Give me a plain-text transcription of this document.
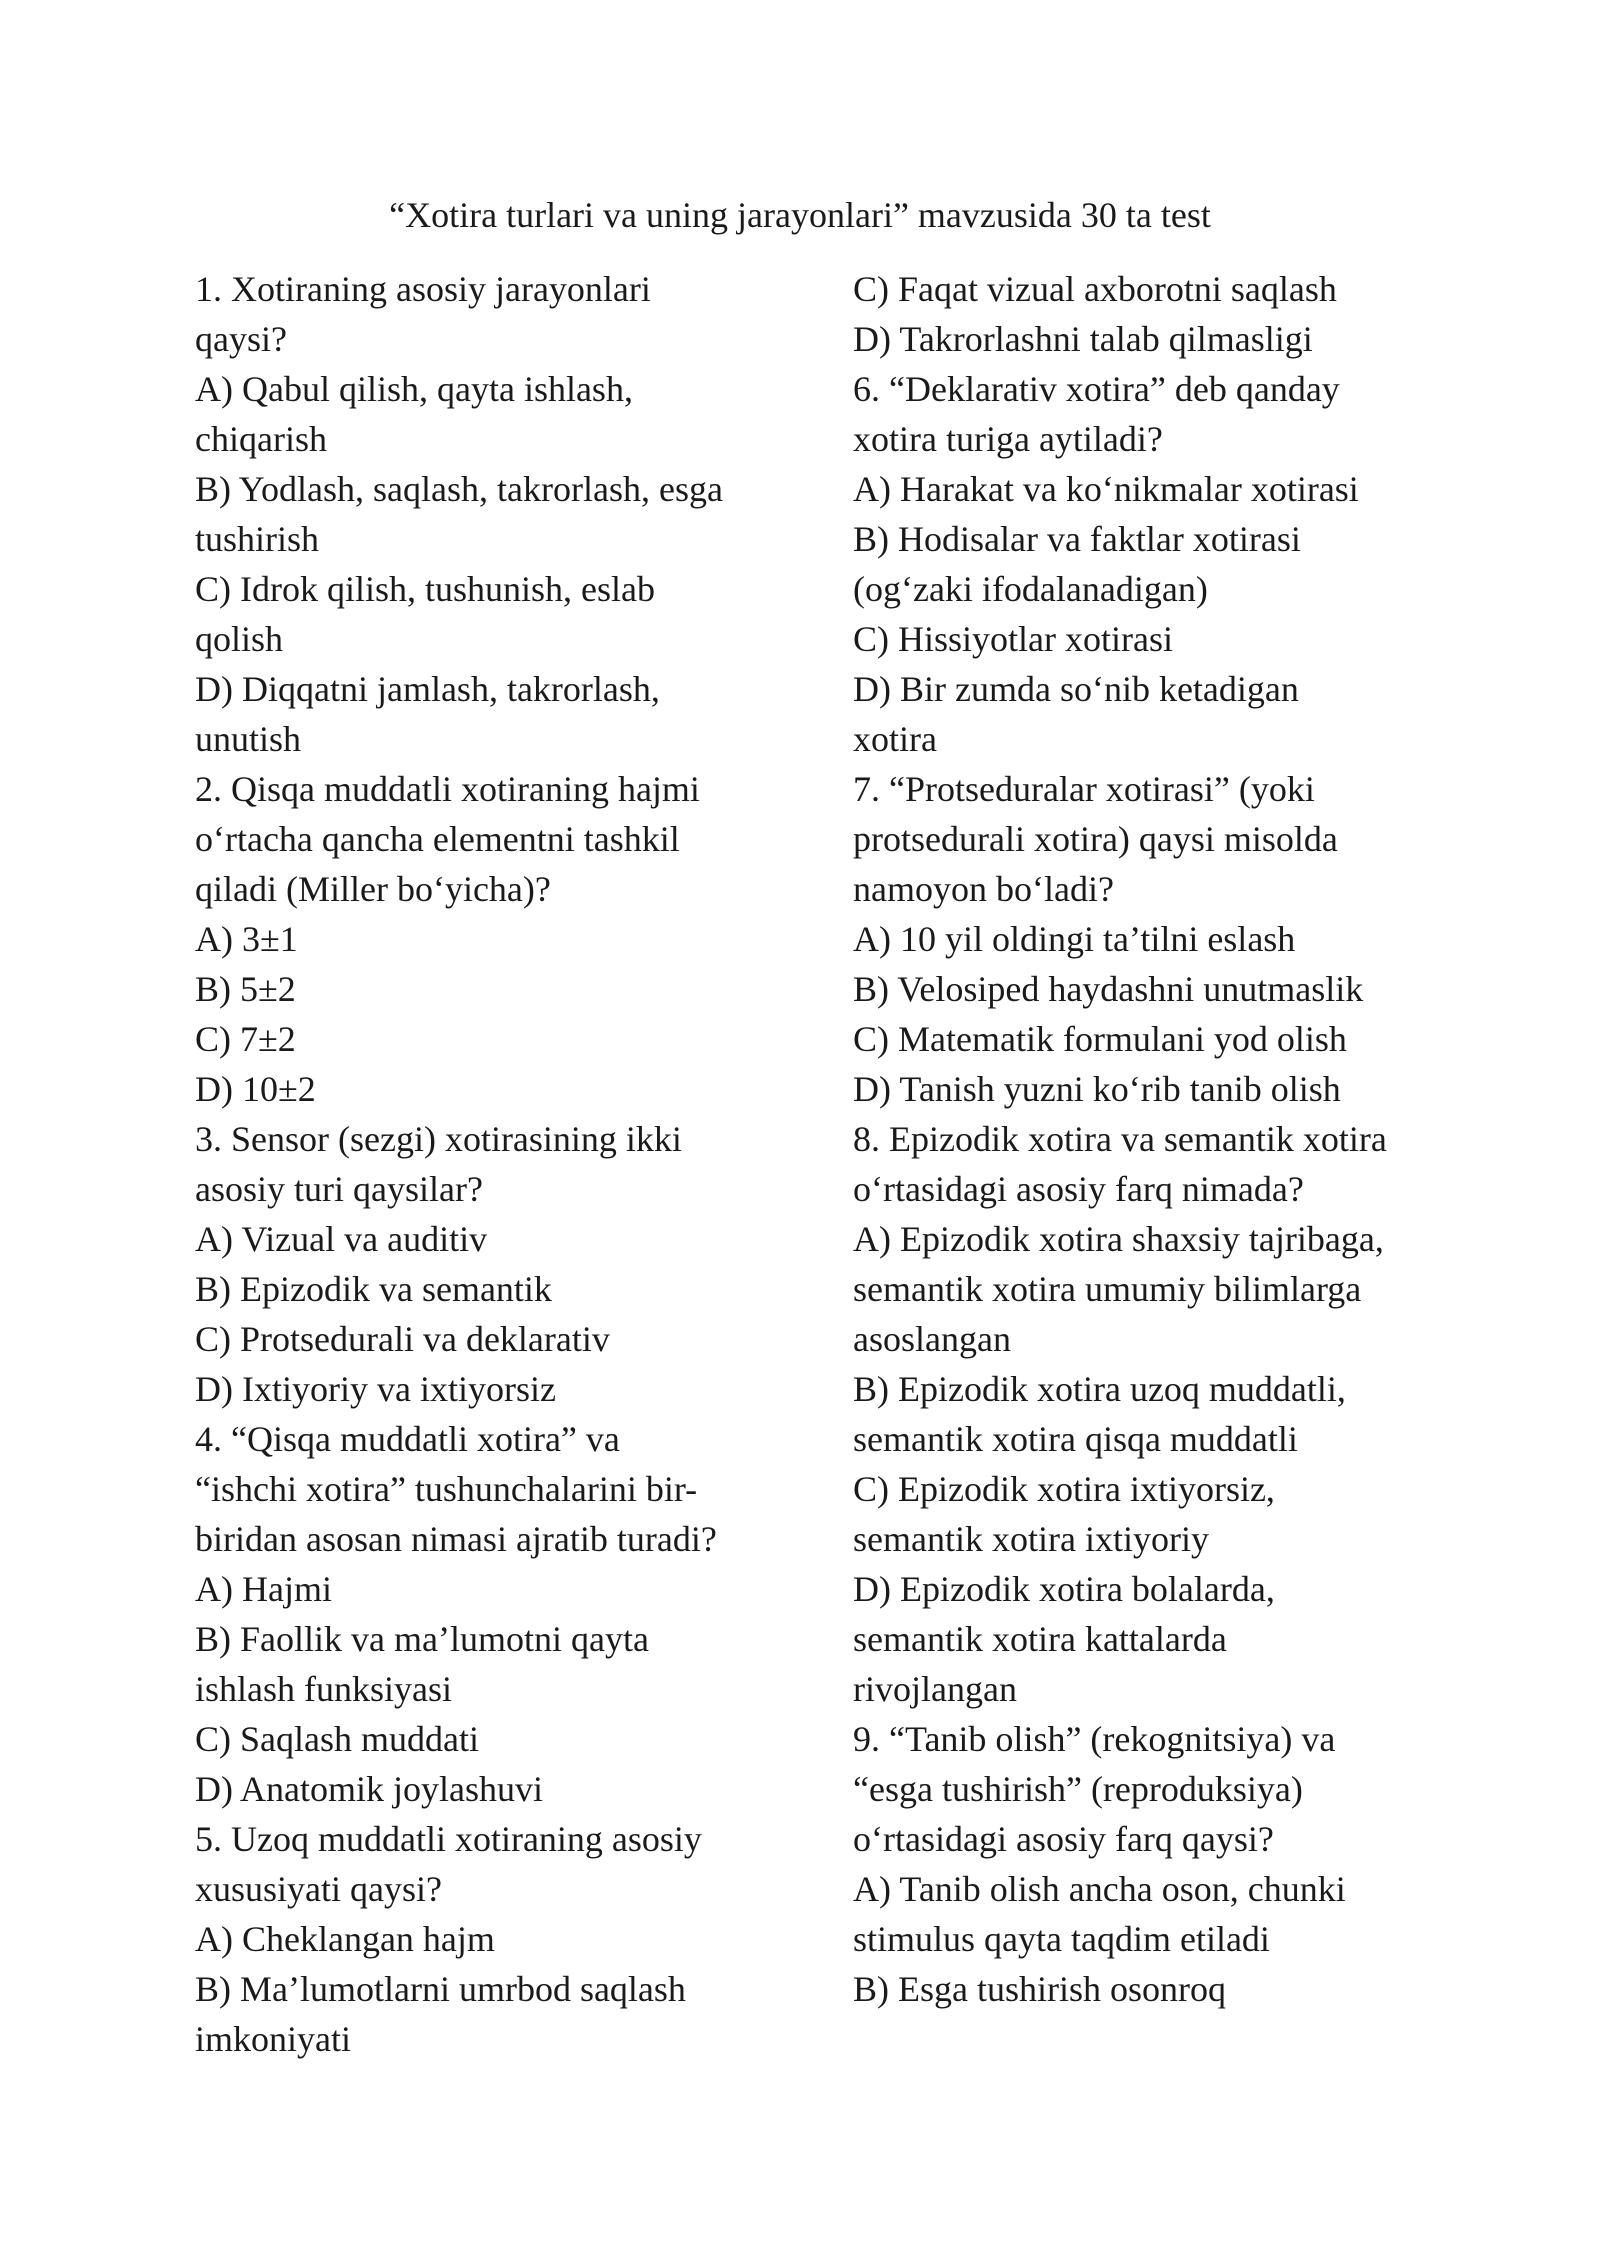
“Xotira turlari va uning jarayonlari” mavzusida 30 ta test
1. Xotiraning asosiy jarayonlari
qaysi?
A) Qabul qilish, qayta ishlash,
chiqarish
B) Yodlash, saqlash, takrorlash, esga
tushirish
C) Idrok qilish, tushunish, eslab
qolish
D) Diqqatni jamlash, takrorlash,
unutish
2. Qisqa muddatli xotiraning hajmi
o‘rtacha qancha elementni tashkil
qiladi (Miller bo‘yicha)?
A) 3±1
B) 5±2
C) 7±2
D) 10±2
3. Sensor (sezgi) xotirasining ikki
asosiy turi qaysilar?
A) Vizual va auditiv
B) Epizodik va semantik
C) Protsedurali va deklarativ
D) Ixtiyoriy va ixtiyorsiz
4. “Qisqa muddatli xotira” va
“ishchi xotira” tushunchalarini bir-
biridan asosan nimasi ajratib turadi?
A) Hajmi
B) Faollik va ma’lumotni qayta
ishlash funksiyasi
C) Saqlash muddati
D) Anatomik joylashuvi
5. Uzoq muddatli xotiraning asosiy
xususiyati qaysi?
A) Cheklangan hajm
B) Ma’lumotlarni umrbod saqlash
imkoniyati
C) Faqat vizual axborotni saqlash
D) Takrorlashni talab qilmasligi
6. “Deklarativ xotira” deb qanday
xotira turiga aytiladi?
A) Harakat va ko‘nikmalar xotirasi
B) Hodisalar va faktlar xotirasi
(og‘zaki ifodalanadigan)
C) Hissiyotlar xotirasi
D) Bir zumda so‘nib ketadigan
xotira
7. “Protseduralar xotirasi” (yoki
protsedurali xotira) qaysi misolda
namoyon bo‘ladi?
A) 10 yil oldingi ta’tilni eslash
B) Velosiped haydashni unutmaslik
C) Matematik formulani yod olish
D) Tanish yuzni ko‘rib tanib olish
8. Epizodik xotira va semantik xotira
o‘rtasidagi asosiy farq nimada?
A) Epizodik xotira shaxsiy tajribaga,
semantik xotira umumiy bilimlarga
asoslangan
B) Epizodik xotira uzoq muddatli,
semantik xotira qisqa muddatli
C) Epizodik xotira ixtiyorsiz,
semantik xotira ixtiyoriy
D) Epizodik xotira bolalarda,
semantik xotira kattalarda
rivojlangan
9. “Tanib olish” (rekognitsiya) va
“esga tushirish” (reproduksiya)
o‘rtasidagi asosiy farq qaysi?
A) Tanib olish ancha oson, chunki
stimulus qayta taqdim etiladi
B) Esga tushirish osonroq
